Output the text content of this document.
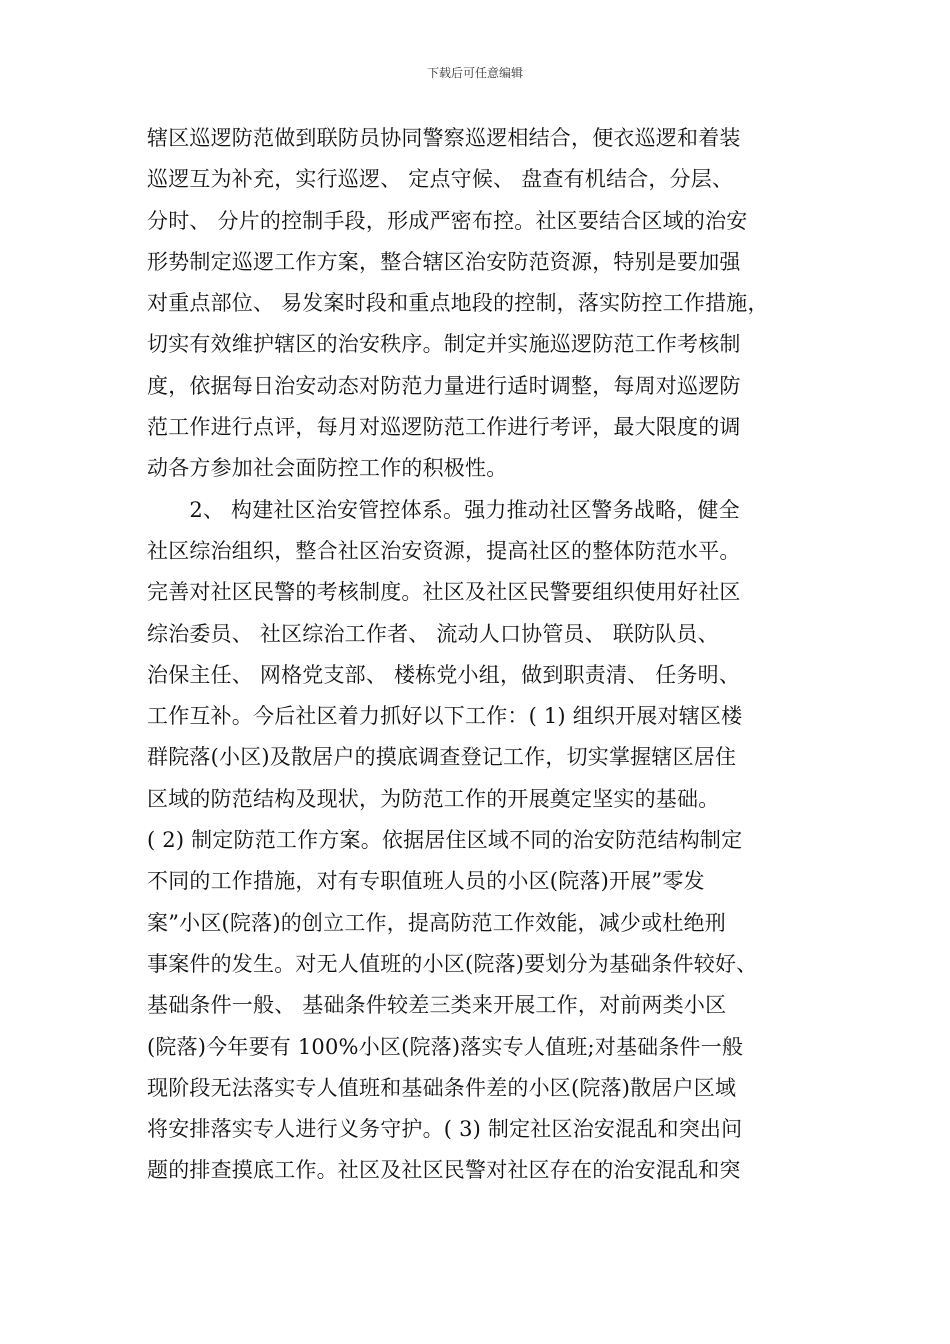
下载后可任意编辑
辖区巡逻防范做到联防员协同警察巡逻相结合，便衣巡逻和着装
巡逻互为补充，实行巡逻、 定点守候、 盘查有机结合，分层、
分时、 分片的控制手段，形成严密布控。社区要结合区域的治安
形势制定巡逻工作方案，整合辖区治安防范资源，特别是要加强
对重点部位、 易发案时段和重点地段的控制，落实防控工作措施，
切实有效维护辖区的治安秩序。制定并实施巡逻防范工作考核制
度，依据每日治安动态对防范力量进行适时调整，每周对巡逻防
范工作进行点评，每月对巡逻防范工作进行考评，最大限度的调
动各方参加社会面防控工作的积极性。
　　2、 构建社区治安管控体系。强力推动社区警务战略，健全
社区综治组织，整合社区治安资源，提高社区的整体防范水平。
完善对社区民警的考核制度。社区及社区民警要组织使用好社区
综治委员、 社区综治工作者、 流动人口协管员、 联防队员、
治保主任、 网格党支部、 楼栋党小组，做到职责清、 任务明、
工作互补。今后社区着力抓好以下工作：( 1) 组织开展对辖区楼
群院落(小区)及散居户的摸底调查登记工作，切实掌握辖区居住
区域的防范结构及现状，为防范工作的开展奠定坚实的基础。
( 2) 制定防范工作方案。依据居住区域不同的治安防范结构制定
不同的工作措施，对有专职值班人员的小区(院落)开展”零发
案”小区(院落)的创立工作，提高防范工作效能，减少或杜绝刑
事案件的发生。对无人值班的小区(院落)要划分为基础条件较好、
基础条件一般、 基础条件较差三类来开展工作，对前两类小区
(院落)今年要有 100%小区(院落)落实专人值班;对基础条件一般
现阶段无法落实专人值班和基础条件差的小区(院落)散居户区域
将安排落实专人进行义务守护。( 3) 制定社区治安混乱和突出问
题的排查摸底工作。社区及社区民警对社区存在的治安混乱和突
